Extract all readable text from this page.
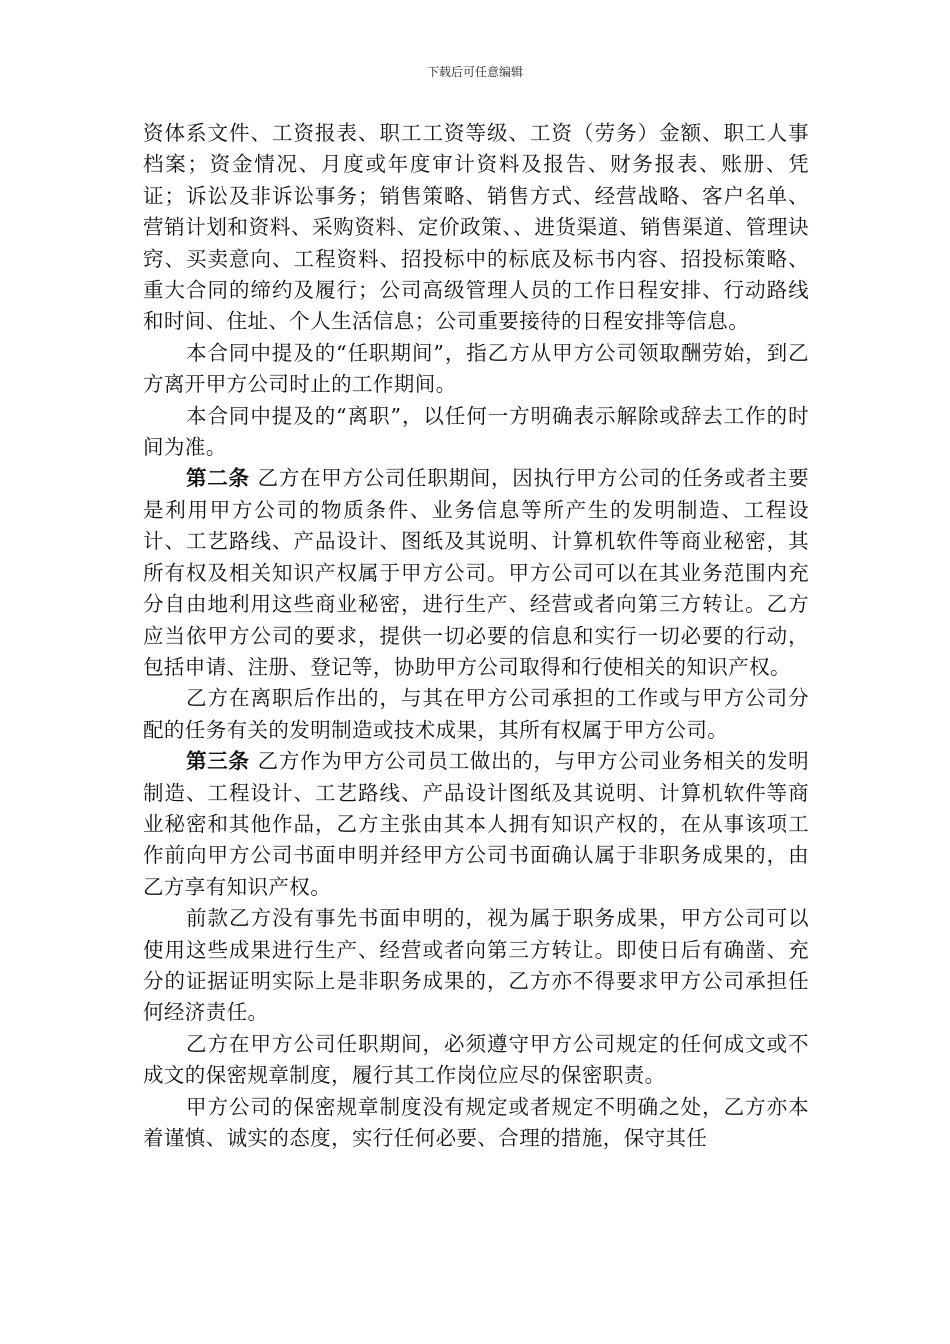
下载后可任意编辑

资体系文件、工资报表、职工工资等级、工资（劳务）金额、职工人事档案；资金情况、月度或年度审计资料及报告、财务报表、账册、凭证；诉讼及非诉讼事务；销售策略、销售方式、经营战略、客户名单、营销计划和资料、采购资料、定价政策、、进货渠道、销售渠道、管理诀窍、买卖意向、工程资料、招投标中的标底及标书内容、招投标策略、重大合同的缔约及履行；公司高级管理人员的工作日程安排、行动路线和时间、住址、个人生活信息；公司重要接待的日程安排等信息。

本合同中提及的“任职期间”，指乙方从甲方公司领取酬劳始，到乙方离开甲方公司时止的工作期间。

本合同中提及的“离职”，以任何一方明确表示解除或辞去工作的时间为准。

第二条 乙方在甲方公司任职期间，因执行甲方公司的任务或者主要是利用甲方公司的物质条件、业务信息等所产生的发明制造、工程设计、工艺路线、产品设计、图纸及其说明、计算机软件等商业秘密，其所有权及相关知识产权属于甲方公司。甲方公司可以在其业务范围内充分自由地利用这些商业秘密，进行生产、经营或者向第三方转让。乙方应当依甲方公司的要求，提供一切必要的信息和实行一切必要的行动，包括申请、注册、登记等，协助甲方公司取得和行使相关的知识产权。

乙方在离职后作出的，与其在甲方公司承担的工作或与甲方公司分配的任务有关的发明制造或技术成果，其所有权属于甲方公司。

第三条 乙方作为甲方公司员工做出的，与甲方公司业务相关的发明制造、工程设计、工艺路线、产品设计图纸及其说明、计算机软件等商业秘密和其他作品，乙方主张由其本人拥有知识产权的，在从事该项工作前向甲方公司书面申明并经甲方公司书面确认属于非职务成果的，由乙方享有知识产权。

前款乙方没有事先书面申明的，视为属于职务成果，甲方公司可以使用这些成果进行生产、经营或者向第三方转让。即使日后有确凿、充分的证据证明实际上是非职务成果的，乙方亦不得要求甲方公司承担任何经济责任。

乙方在甲方公司任职期间，必须遵守甲方公司规定的任何成文或不成文的保密规章制度，履行其工作岗位应尽的保密职责。

甲方公司的保密规章制度没有规定或者规定不明确之处，乙方亦本着谨慎、诚实的态度，实行任何必要、合理的措施，保守其任
